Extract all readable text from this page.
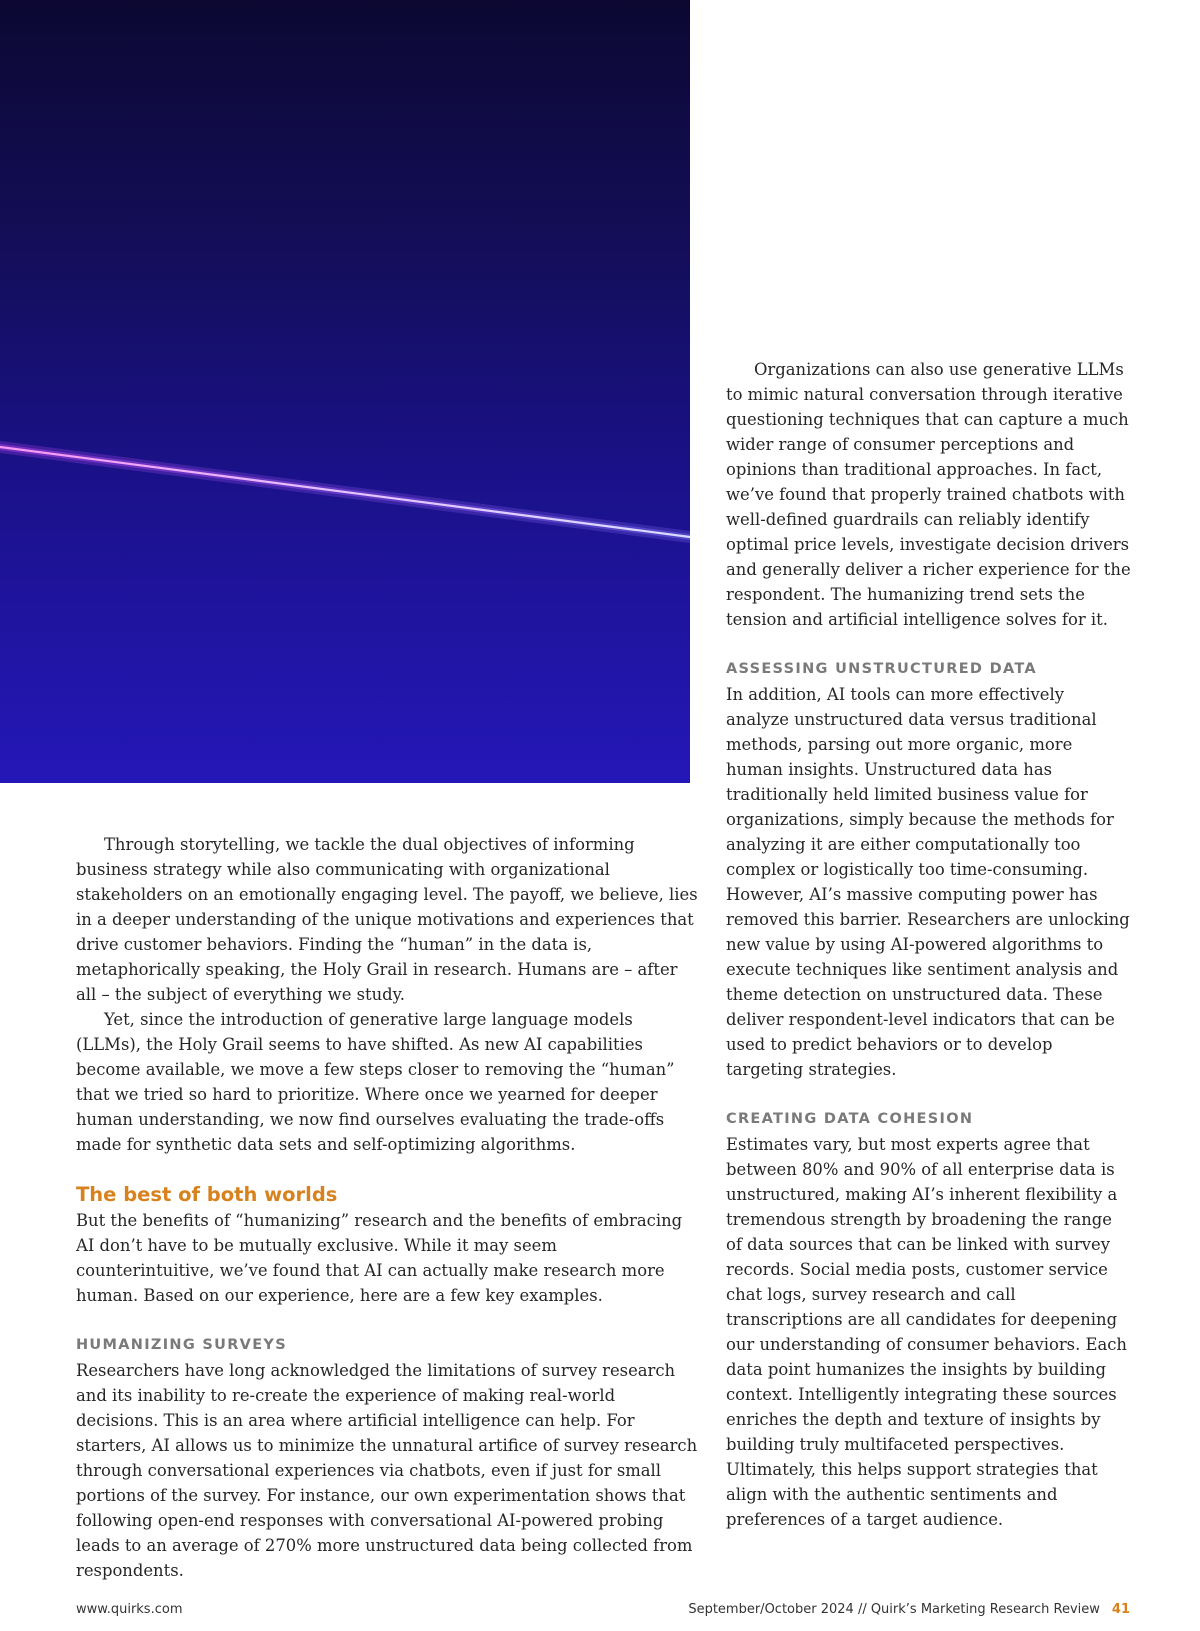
Organizations can also use generative LLMs to mimic natural conversation through iterative questioning techniques that can capture a much wider range of consumer perceptions and opinions than traditional approaches. In fact, we’ve found that properly trained chatbots with well-defined guardrails can reliably identify optimal price levels, investigate decision drivers and generally deliver a richer experience for the respondent. The humanizing trend sets the tension and artificial intelligence solves for it.

ASSESSING UNSTRUCTURED DATA

In addition, AI tools can more effectively analyze unstructured data versus traditional methods, parsing out more organic, more human insights. Unstructured data has traditionally held limited business value for organizations, simply because the methods for analyzing it are either computationally too complex or logistically too time-consuming. However, AI’s massive computing power has removed this barrier. Researchers are unlocking new value by using AI-powered algorithms to execute techniques like sentiment analysis and theme detection on unstructured data. These deliver respondent-level indicators that can be used to predict behaviors or to develop targeting strategies.

CREATING DATA COHESION

Estimates vary, but most experts agree that between 80% and 90% of all enterprise data is unstructured, making AI’s inherent flexibility a tremendous strength by broadening the range of data sources that can be linked with survey records. Social media posts, customer service chat logs, survey research and call transcriptions are all candidates for deepening our understanding of consumer behaviors. Each data point humanizes the insights by building context. Intelligently integrating these sources enriches the depth and texture of insights by building truly multifaceted perspectives. Ultimately, this helps support strategies that align with the authentic sentiments and preferences of a target audience.

Through storytelling, we tackle the dual objectives of informing business strategy while also communicating with organizational stakeholders on an emotionally engaging level. The payoff, we believe, lies in a deeper understanding of the unique motivations and experiences that drive customer behaviors. Finding the “human” in the data is, metaphorically speaking, the Holy Grail in research. Humans are – after all – the subject of everything we study.

Yet, since the introduction of generative large language models (LLMs), the Holy Grail seems to have shifted. As new AI capabilities become available, we move a few steps closer to removing the “human” that we tried so hard to prioritize. Where once we yearned for deeper human understanding, we now find ourselves evaluating the trade-offs made for synthetic data sets and self-optimizing algorithms.

The best of both worlds

But the benefits of “humanizing” research and the benefits of embracing AI don’t have to be mutually exclusive. While it may seem counterintuitive, we’ve found that AI can actually make research more human. Based on our experience, here are a few key examples.

HUMANIZING SURVEYS

Researchers have long acknowledged the limitations of survey research and its inability to re-create the experience of making real-world decisions. This is an area where artificial intelligence can help. For starters, AI allows us to minimize the unnatural artifice of survey research through conversational experiences via chatbots, even if just for small portions of the survey. For instance, our own experimentation shows that following open-end responses with conversational AI-powered probing leads to an average of 270% more unstructured data being collected from respondents.

www.quirks.com	September/October 2024 // Quirk’s Marketing Research Review 41
